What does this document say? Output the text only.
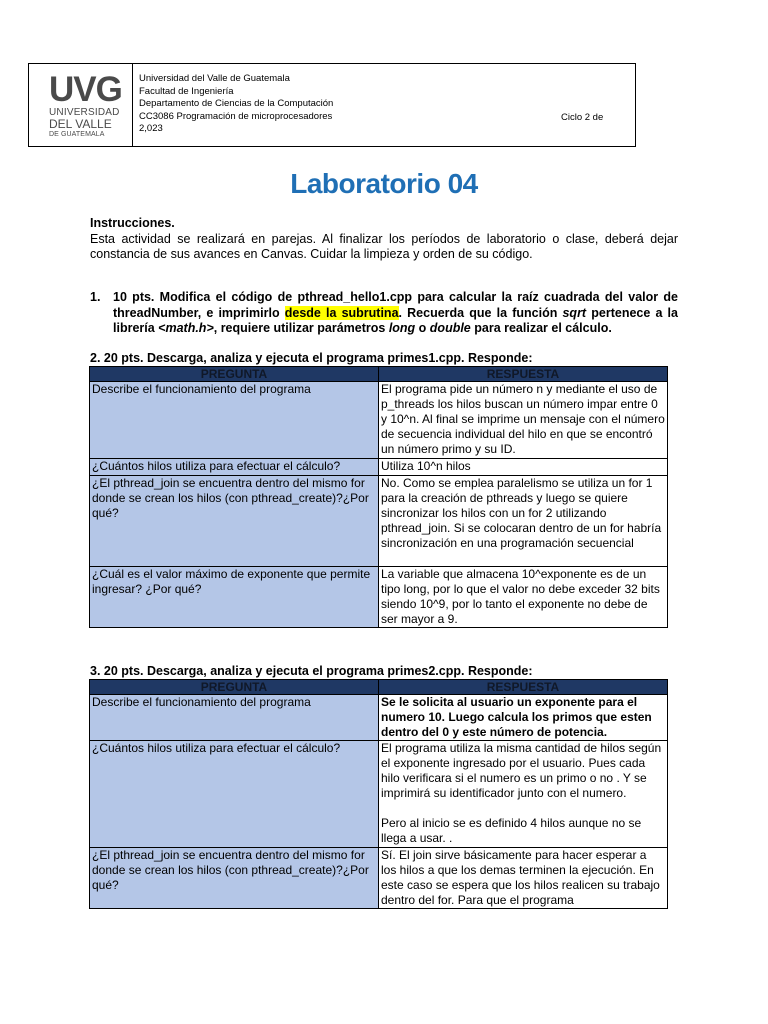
UVG
UNIVERSIDAD
DEL VALLE
DE GUATEMALA
Universidad del Valle de Guatemala
Facultad de Ingeniería
Departamento de Ciencias de la Computación
CC3086 Programación de microprocesadores
2,023
Ciclo 2 de
Laboratorio 04
Instrucciones.
Esta actividad se realizará en parejas. Al finalizar los períodos de laboratorio o clase, deberá dejar constancia de sus avances en Canvas. Cuidar la limpieza y orden de su código.
1. 10 pts. Modifica el código de pthread_hello1.cpp para calcular la raíz cuadrada del valor de threadNumber, e imprimirlo desde la subrutina. Recuerda que la función sqrt pertenece a la librería <math.h>, requiere utilizar parámetros long o double para realizar el cálculo.
2. 20 pts. Descarga, analiza y ejecuta el programa primes1.cpp. Responde:
PREGUNTA	RESPUESTA
Describe el funcionamiento del programa	El programa pide un número n y mediante el uso de p_threads los hilos buscan un número impar entre 0 y 10^n. Al final se imprime un mensaje con el número de secuencia individual del hilo en que se encontró un número primo y su ID.
¿Cuántos hilos utiliza para efectuar el cálculo?	Utiliza 10^n hilos
¿El pthread_join se encuentra dentro del mismo for donde se crean los hilos (con pthread_create)?¿Por qué?	No. Como se emplea paralelismo se utiliza un for 1 para la creación de pthreads y luego se quiere sincronizar los hilos con un for 2 utilizando pthread_join. Si se colocaran dentro de un for habría sincronización en una programación secuencial
¿Cuál es el valor máximo de exponente que permite ingresar? ¿Por qué?	La variable que almacena 10^exponente es de un tipo long, por lo que el valor no debe exceder 32 bits siendo 10^9, por lo tanto el exponente no debe de ser mayor a 9.
3. 20 pts. Descarga, analiza y ejecuta el programa primes2.cpp. Responde:
PREGUNTA	RESPUESTA
Describe el funcionamiento del programa	Se le solicita al usuario un exponente para el numero 10. Luego calcula los primos que esten dentro del 0 y este número de potencia.
¿Cuántos hilos utiliza para efectuar el cálculo?	El programa utiliza la misma cantidad de hilos según el exponente ingresado por el usuario. Pues cada hilo verificara si el numero es un primo o no . Y se imprimirá su identificador junto con el numero.
Pero al inicio se es definido 4 hilos aunque no se llega a usar. .

¿El pthread_join se encuentra dentro del mismo for donde se crean los hilos (con pthread_create)?¿Por qué?	Sí. El join sirve básicamente para hacer esperar a los hilos a que los demas terminen la ejecución. En este caso se espera que los hilos realicen su trabajo dentro del for. Para que el programa
